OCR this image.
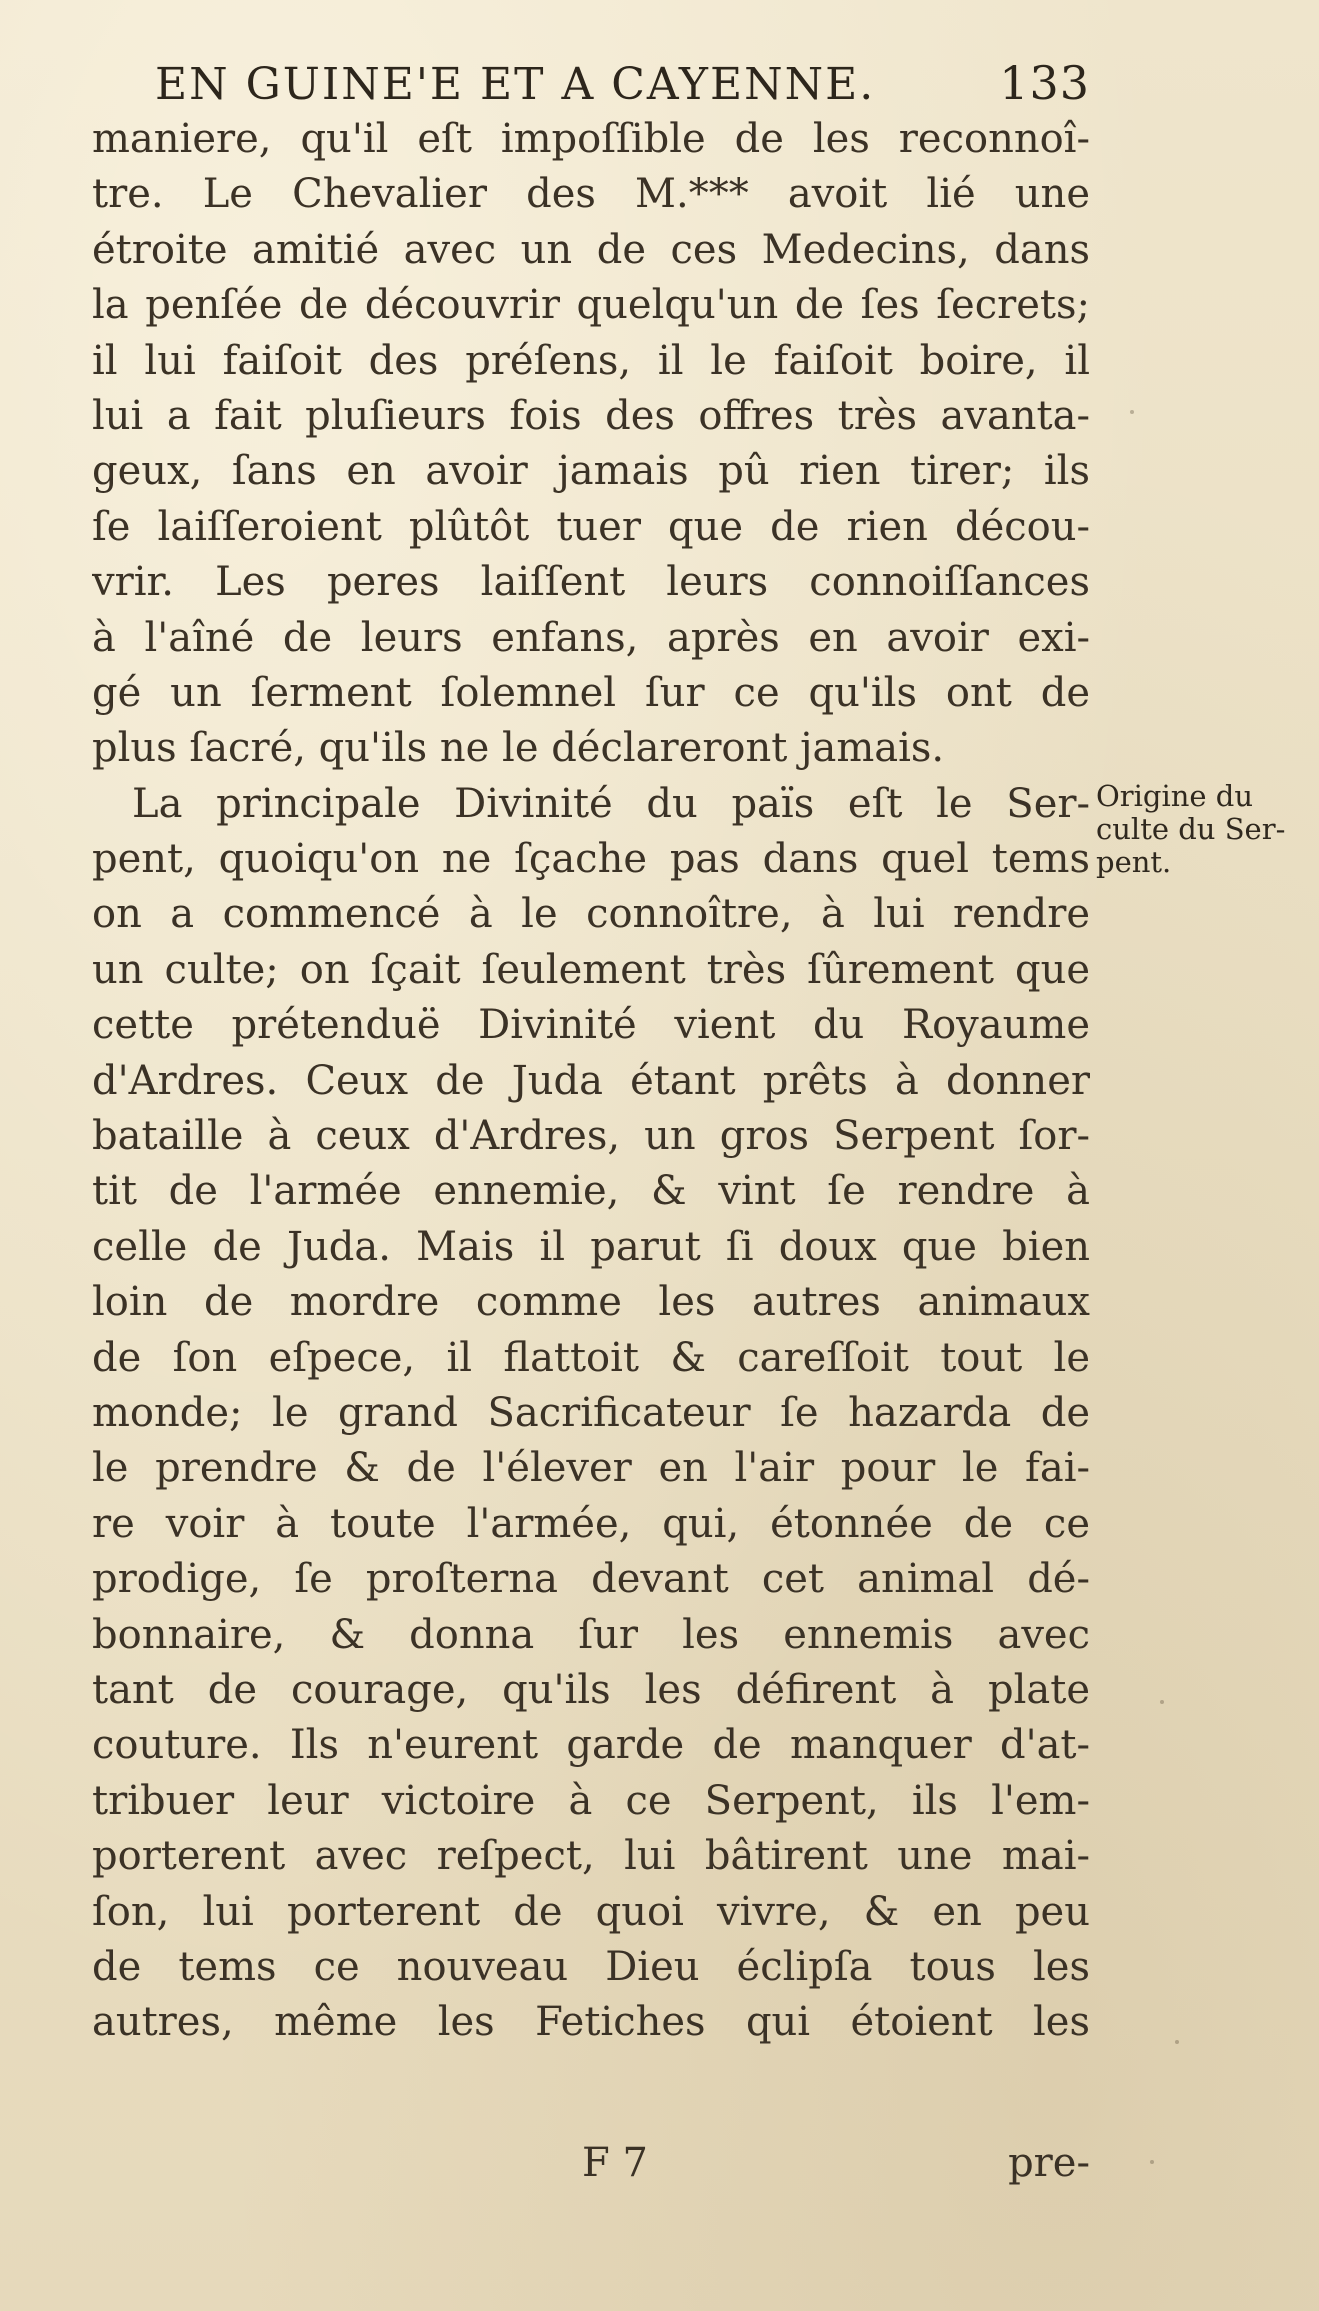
EN GUINE'E ET A CAYENNE.	133
maniere, qu'il eſt impoſſible de les reconnoî-
tre. Le Chevalier des M.*** avoit lié une
étroite amitié avec un de ces Medecins, dans
la penſée de découvrir quelqu'un de ſes ſecrets;
il lui faiſoit des préſens, il le faiſoit boire, il
lui a fait pluſieurs fois des offres très avanta-
geux, ſans en avoir jamais pû rien tirer; ils
ſe laiſſeroient plûtôt tuer que de rien décou-
vrir. Les peres laiſſent leurs connoiſſances
à l'aîné de leurs enfans, après en avoir exi-
gé un ſerment ſolemnel ſur ce qu'ils ont de
plus ſacré, qu'ils ne le déclareront jamais.
La principale Divinité du païs eſt le Ser-
pent, quoiqu'on ne ſçache pas dans quel tems
on a commencé à le connoître, à lui rendre
un culte; on ſçait ſeulement très ſûrement que
cette prétenduë Divinité vient du Royaume
d'Ardres. Ceux de Juda étant prêts à donner
bataille à ceux d'Ardres, un gros Serpent ſor-
tit de l'armée ennemie, & vint ſe rendre à
celle de Juda. Mais il parut ſi doux que bien
loin de mordre comme les autres animaux
de ſon eſpece, il flattoit & careſſoit tout le
monde; le grand Sacrificateur ſe hazarda de
le prendre & de l'élever en l'air pour le fai-
re voir à toute l'armée, qui, étonnée de ce
prodige, ſe proſterna devant cet animal dé-
bonnaire, & donna ſur les ennemis avec
tant de courage, qu'ils les défirent à plate
couture. Ils n'eurent garde de manquer d'at-
tribuer leur victoire à ce Serpent, ils l'em-
porterent avec reſpect, lui bâtirent une mai-
ſon, lui porterent de quoi vivre, & en peu
de tems ce nouveau Dieu éclipſa tous les
autres, même les Fetiches qui étoient les
Origine du
culte du Ser-
pent.
F 7	pre-
